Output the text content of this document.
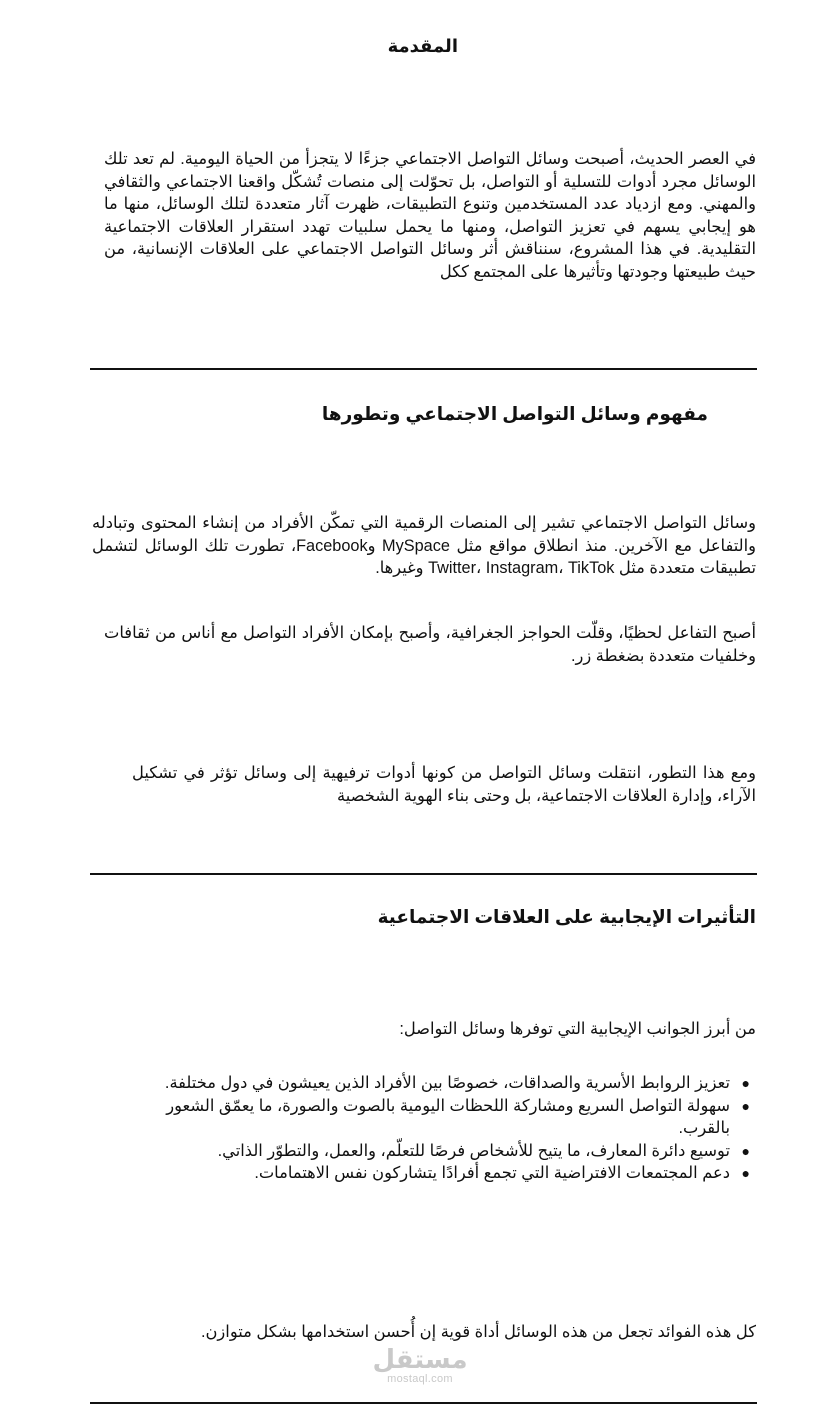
المقدمة

في العصر الحديث، أصبحت وسائل التواصل الاجتماعي جزءًا لا يتجزأ من الحياة اليومية. لم تعد تلك الوسائل مجرد أدوات للتسلية أو التواصل، بل تحوّلت إلى منصات تُشكّل واقعنا الاجتماعي والثقافي والمهني. ومع ازدياد عدد المستخدمين وتنوع التطبيقات، ظهرت آثار متعددة لتلك الوسائل، منها ما هو إيجابي يسهم في تعزيز التواصل، ومنها ما يحمل سلبيات تهدد استقرار العلاقات الاجتماعية التقليدية. في هذا المشروع، سنناقش أثر وسائل التواصل الاجتماعي على العلاقات الإنسانية، من حيث طبيعتها وجودتها وتأثيرها على المجتمع ككل

مفهوم وسائل التواصل الاجتماعي وتطورها

وسائل التواصل الاجتماعي تشير إلى المنصات الرقمية التي تمكّن الأفراد من إنشاء المحتوى وتبادله والتفاعل مع الآخرين. منذ انطلاق مواقع مثل MySpace وFacebook، تطورت تلك الوسائل لتشمل تطبيقات متعددة مثل Twitter، Instagram، TikTok وغيرها.

أصبح التفاعل لحظيًا، وقلّت الحواجز الجغرافية، وأصبح بإمكان الأفراد التواصل مع أناس من ثقافات وخلفيات متعددة بضغطة زر.

ومع هذا التطور، انتقلت وسائل التواصل من كونها أدوات ترفيهية إلى وسائل تؤثر في تشكيل الآراء، وإدارة العلاقات الاجتماعية، بل وحتى بناء الهوية الشخصية

التأثيرات الإيجابية على العلاقات الاجتماعية

من أبرز الجوانب الإيجابية التي توفرها وسائل التواصل:

●
تعزيز الروابط الأسرية والصداقات، خصوصًا بين الأفراد الذين يعيشون في دول مختلفة.
●
سهولة التواصل السريع ومشاركة اللحظات اليومية بالصوت والصورة، ما يعمّق الشعور بالقرب.
●
توسيع دائرة المعارف، ما يتيح للأشخاص فرصًا للتعلّم، والعمل، والتطوّر الذاتي.
●
دعم المجتمعات الافتراضية التي تجمع أفرادًا يتشاركون نفس الاهتمامات.

كل هذه الفوائد تجعل من هذه الوسائل أداة قوية إن أُحسن استخدامها بشكل متوازن.

مستقل
mostaql.com
